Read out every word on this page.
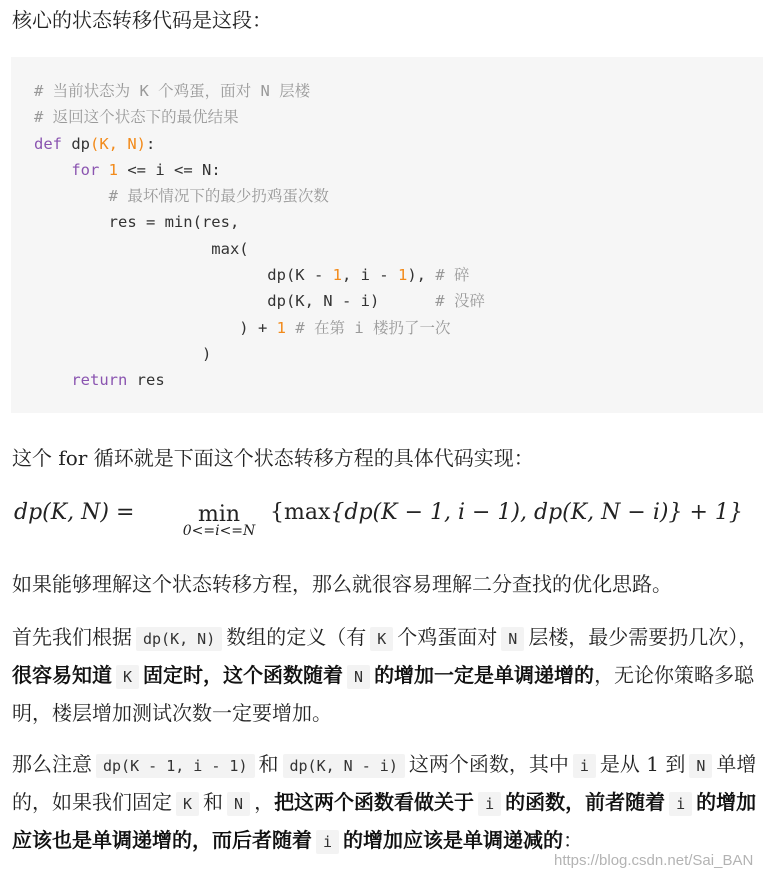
核心的状态转移代码是这段：
# 当前状态为 K 个鸡蛋，面对 N 层楼
# 返回这个状态下的最优结果
def dp(K, N):
for 1 <= i <= N:
# 最坏情况下的最少扔鸡蛋次数
res = min(res,
max(
dp(K - 1, i - 1), # 碎
dp(K, N - i)      # 没碎
) + 1 # 在第 i 楼扔了一次
)
return res
这个 for 循环就是下面这个状态转移方程的具体代码实现：
dp(K, N) =	min
0<=i<=N
{max{dp(K − 1, i − 1), dp(K, N − i)} + 1}
如果能够理解这个状态转移方程，那么就很容易理解二分查找的优化思路。
首先我们根据 dp(K, N) 数组的定义（有 K 个鸡蛋面对 N 层楼，最少需要扔几次），很容易知道 K 固定时，这个函数随着 N 的增加一定是单调递增的，无论你策略多聪明，楼层增加测试次数一定要增加。
那么注意 dp(K - 1, i - 1) 和 dp(K, N - i) 这两个函数，其中 i 是从 1 到 N 单增的，如果我们固定 K 和 N ，把这两个函数看做关于 i 的函数，前者随着 i 的增加应该也是单调递增的，而后者随着 i 的增加应该是单调递减的：
https://blog.csdn.net/Sai_BAN
